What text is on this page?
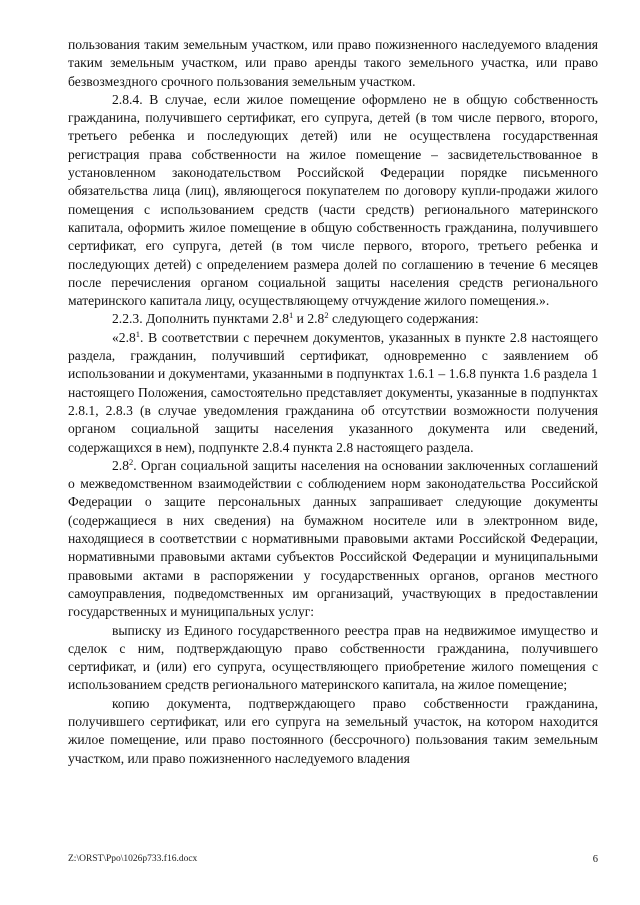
пользования таким земельным участком, или право пожизненного наследуемого владения таким земельным участком, или право аренды такого земельного участка, или право безвозмездного срочного пользования земельным участком.

2.8.4. В случае, если жилое помещение оформлено не в общую собственность гражданина, получившего сертификат, его супруга, детей (в том числе первого, второго, третьего ребенка и последующих детей) или не осуществлена государственная регистрация права собственности на жилое помещение – засвидетельствованное в установленном законодательством Российской Федерации порядке письменного обязательства лица (лиц), являющегося покупателем по договору купли-продажи жилого помещения с использованием средств (части средств) регионального материнского капитала, оформить жилое помещение в общую собственность гражданина, получившего сертификат, его супруга, детей (в том числе первого, второго, третьего ребенка и последующих детей) с определением размера долей по соглашению в течение 6 месяцев после перечисления органом социальной защиты населения средств регионального материнского капитала лицу, осуществляющему отчуждение жилого помещения.».

2.2.3. Дополнить пунктами $2.8^1$ и $2.8^2$ следующего содержания:

«$2.8^1$. В соответствии с перечнем документов, указанных в пункте 2.8 настоящего раздела, гражданин, получивший сертификат, одновременно с заявлением об использовании и документами, указанными в подпунктах 1.6.1 – 1.6.8 пункта 1.6 раздела 1 настоящего Положения, самостоятельно представляет документы, указанные в подпунктах 2.8.1, 2.8.3 (в случае уведомления гражданина об отсутствии возможности получения органом социальной защиты населения указанного документа или сведений, содержащихся в нем), подпункте 2.8.4 пункта 2.8 настоящего раздела.

$2.8^2$. Орган социальной защиты населения на основании заключенных соглашений о межведомственном взаимодействии с соблюдением норм законодательства Российской Федерации о защите персональных данных запрашивает следующие документы (содержащиеся в них сведения) на бумажном носителе или в электронном виде, находящиеся в соответствии с нормативными правовыми актами Российской Федерации, нормативными правовыми актами субъектов Российской Федерации и муниципальными правовыми актами в распоряжении у государственных органов, органов местного самоуправления, подведомственных им организаций, участвующих в предоставлении государственных и муниципальных услуг:

выписку из Единого государственного реестра прав на недвижимое имущество и сделок с ним, подтверждающую право собственности гражданина, получившего сертификат, и (или) его супруга, осуществляющего приобретение жилого помещения с использованием средств регионального материнского капитала, на жилое помещение;

копию документа, подтверждающего право собственности гражданина, получившего сертификат, или его супруга на земельный участок, на котором находится жилое помещение, или право постоянного (бессрочного) пользования таким земельным участком, или право пожизненного наследуемого владения

Z:\ORST\Ppo\1026p733.f16.docx	6
